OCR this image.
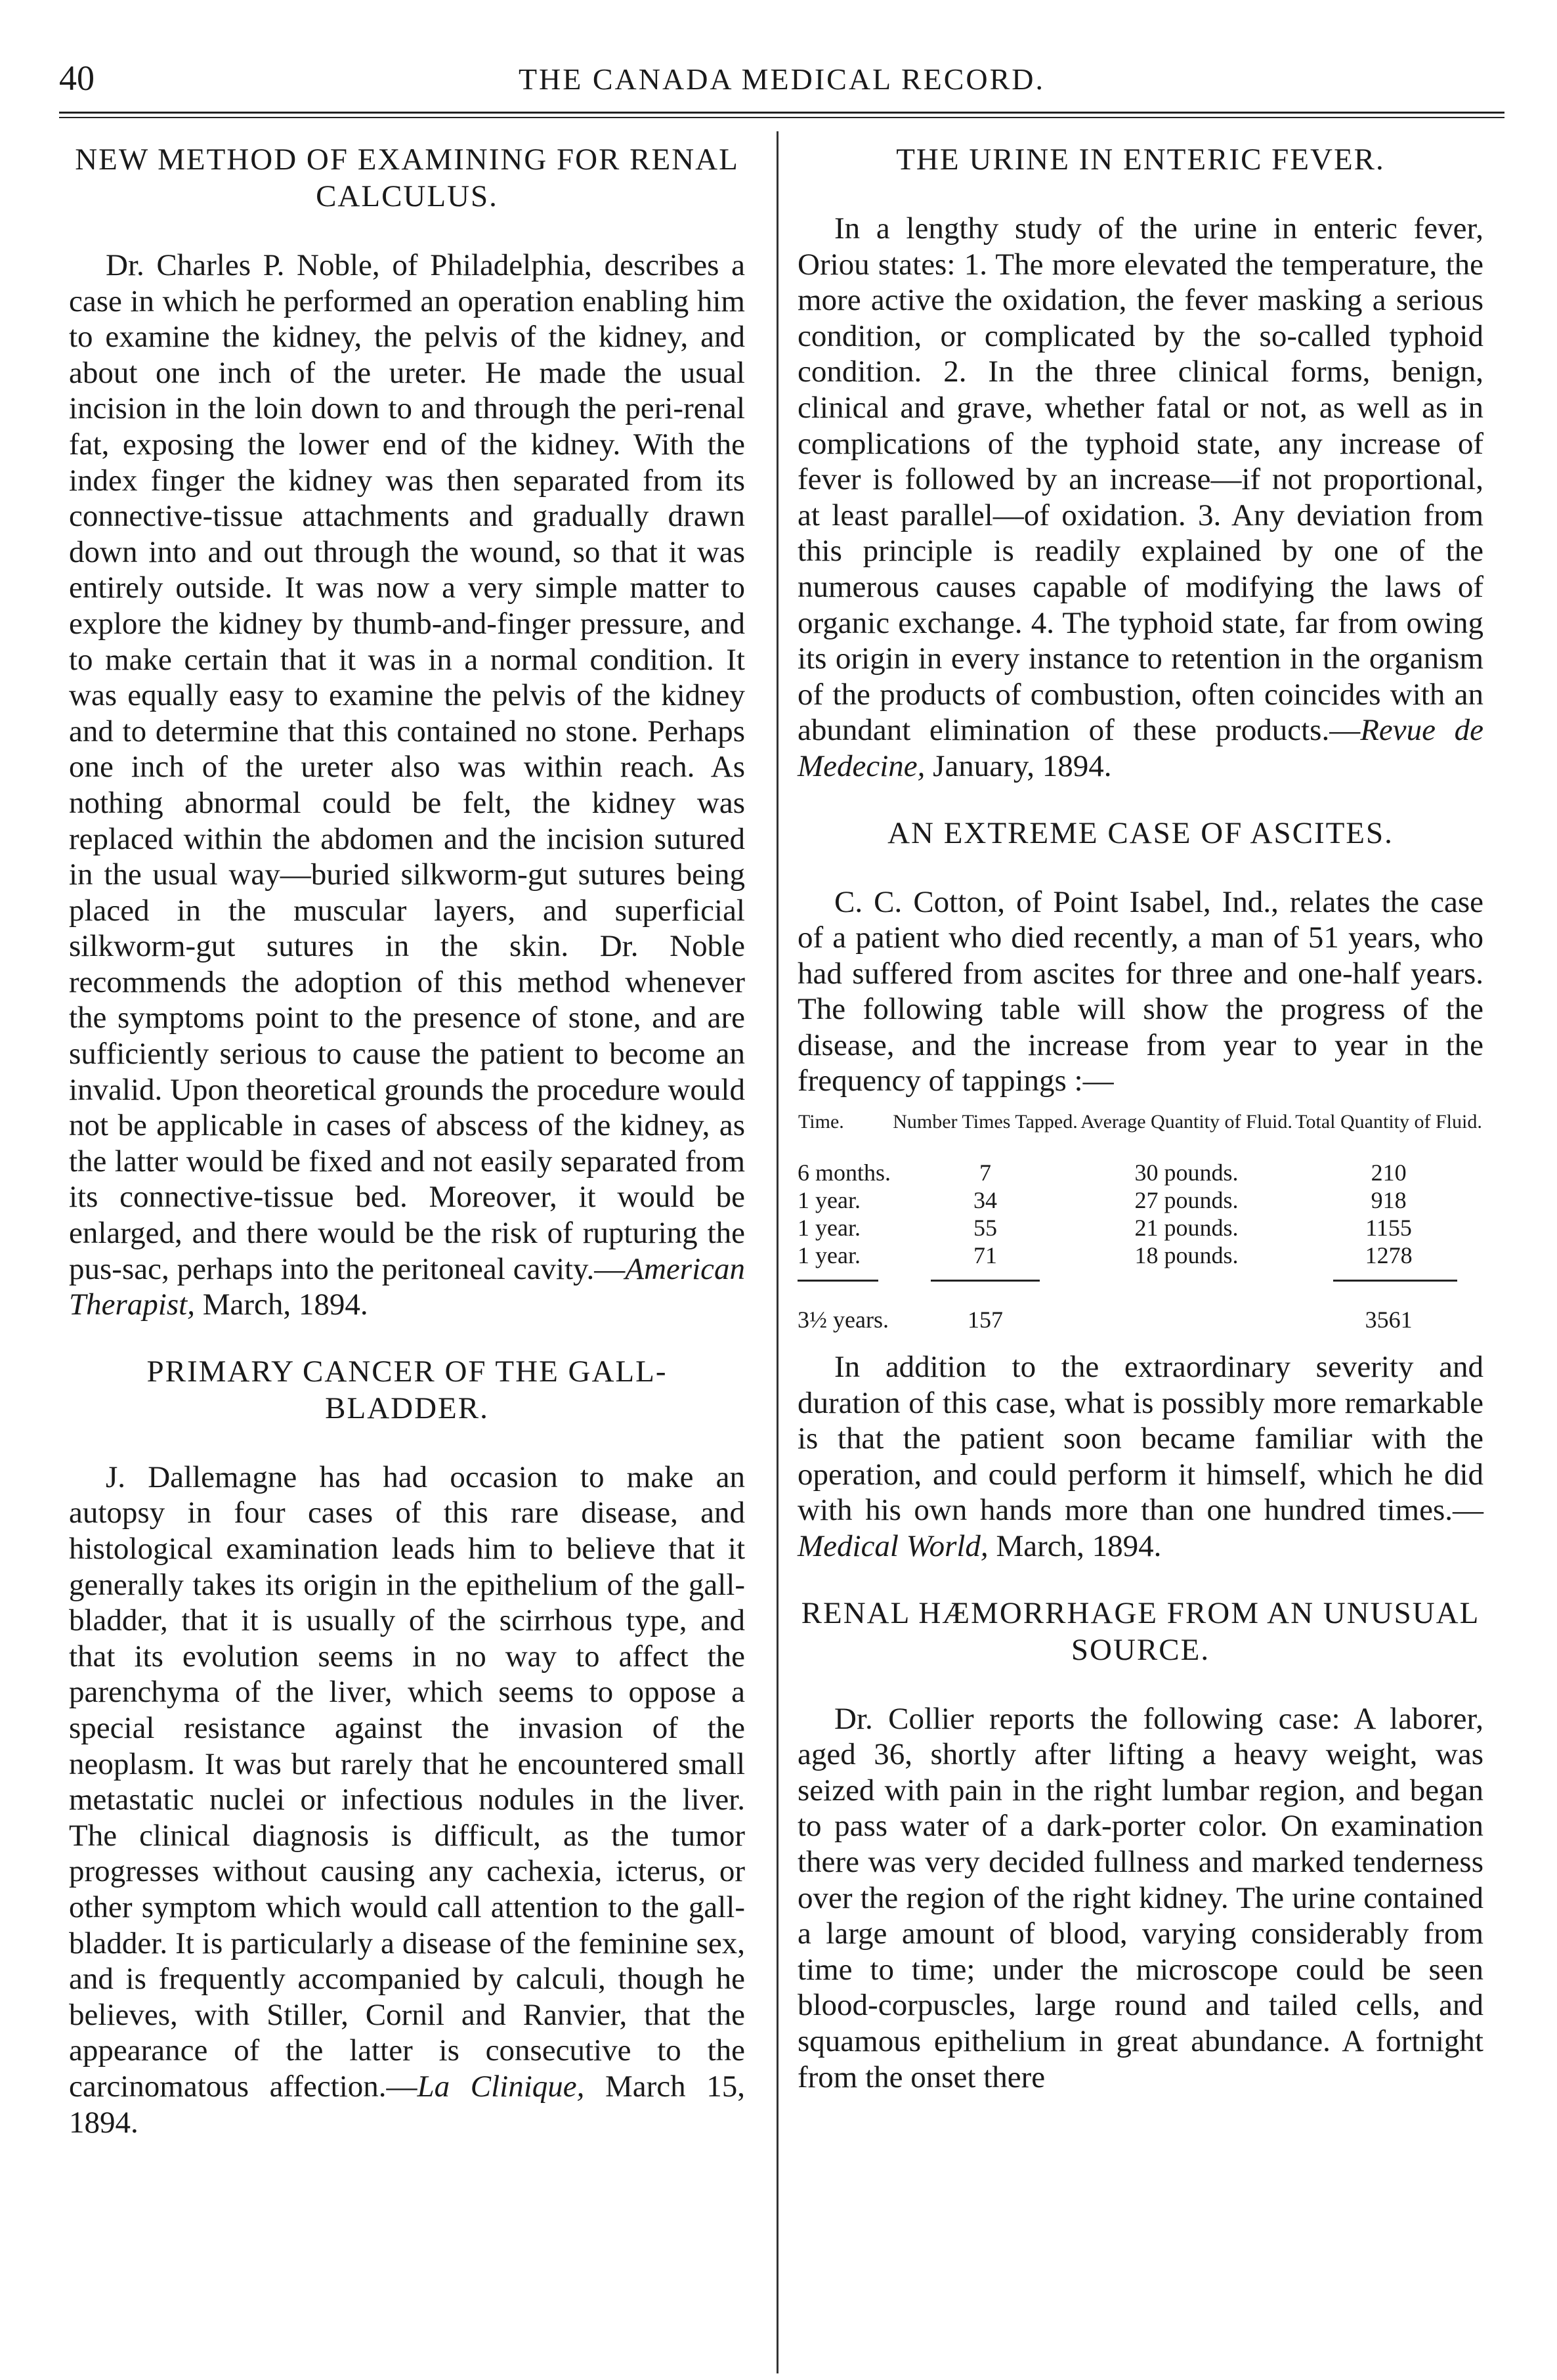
40	THE CANADA MEDICAL RECORD.
NEW METHOD OF EXAMINING FOR RENAL CALCULUS.

Dr. Charles P. Noble, of Philadelphia, describes a case in which he performed an operation enabling him to examine the kidney, the pelvis of the kidney, and about one inch of the ureter. He made the usual incision in the loin down to and through the peri-renal fat, exposing the lower end of the kidney. With the index finger the kidney was then separated from its connective-tissue attachments and gradually drawn down into and out through the wound, so that it was entirely outside. It was now a very simple matter to explore the kidney by thumb-and-finger pressure, and to make certain that it was in a normal condition. It was equally easy to examine the pelvis of the kidney and to determine that this contained no stone. Perhaps one inch of the ureter also was within reach. As nothing abnormal could be felt, the kidney was replaced within the abdomen and the incision sutured in the usual way—buried silkworm-gut sutures being placed in the muscular layers, and superficial silkworm-gut sutures in the skin. Dr. Noble recommends the adoption of this method whenever the symptoms point to the presence of stone, and are sufficiently serious to cause the patient to become an invalid. Upon theoretical grounds the procedure would not be applicable in cases of abscess of the kidney, as the latter would be fixed and not easily separated from its connective-tissue bed. Moreover, it would be enlarged, and there would be the risk of rupturing the pus-sac, perhaps into the peritoneal cavity.—American Therapist, March, 1894.

PRIMARY CANCER OF THE GALL-BLADDER.

J. Dallemagne has had occasion to make an autopsy in four cases of this rare disease, and histological examination leads him to believe that it generally takes its origin in the epithelium of the gall-bladder, that it is usually of the scirrhous type, and that its evolution seems in no way to affect the parenchyma of the liver, which seems to oppose a special resistance against the invasion of the neoplasm. It was but rarely that he encountered small metastatic nuclei or infectious nodules in the liver. The clinical diagnosis is difficult, as the tumor progresses without causing any cachexia, icterus, or other symptom which would call attention to the gall-bladder. It is particularly a disease of the feminine sex, and is frequently accompanied by calculi, though he believes, with Stiller, Cornil and Ranvier, that the appearance of the latter is consecutive to the carcinomatous affection.—La Clinique, March 15, 1894.

THE URINE IN ENTERIC FEVER.

In a lengthy study of the urine in enteric fever, Oriou states: 1. The more elevated the temperature, the more active the oxidation, the fever masking a serious condition, or complicated by the so-called typhoid condition. 2. In the three clinical forms, benign, clinical and grave, whether fatal or not, as well as in complications of the typhoid state, any increase of fever is followed by an increase—if not proportional, at least parallel—of oxidation. 3. Any deviation from this principle is readily explained by one of the numerous causes capable of modifying the laws of organic exchange. 4. The typhoid state, far from owing its origin in every instance to retention in the organism of the products of combustion, often coincides with an abundant elimination of these products.—Revue de Medecine, January, 1894.

AN EXTREME CASE OF ASCITES.

C. C. Cotton, of Point Isabel, Ind., relates the case of a patient who died recently, a man of 51 years, who had suffered from ascites for three and one-half years. The following table will show the progress of the disease, and the increase from year to year in the frequency of tappings :—

Time.	Number Times Tapped.	Average Quantity of Fluid.	Total Quantity of Fluid.
6 months.	7	30 pounds.	210
1 year.	34	27 pounds.	918
1 year.	55	21 pounds.	1155
1 year.	71	18 pounds.	1278

3½ years.	157		3561

In addition to the extraordinary severity and duration of this case, what is possibly more remarkable is that the patient soon became familiar with the operation, and could perform it himself, which he did with his own hands more than one hundred times.—Medical World, March, 1894.

RENAL HÆMORRHAGE FROM AN UNUSUAL SOURCE.

Dr. Collier reports the following case: A laborer, aged 36, shortly after lifting a heavy weight, was seized with pain in the right lumbar region, and began to pass water of a dark-porter color. On examination there was very decided fullness and marked tenderness over the region of the right kidney. The urine contained a large amount of blood, varying considerably from time to time; under the microscope could be seen blood-corpuscles, large round and tailed cells, and squamous epithelium in great abundance. A fortnight from the onset there
